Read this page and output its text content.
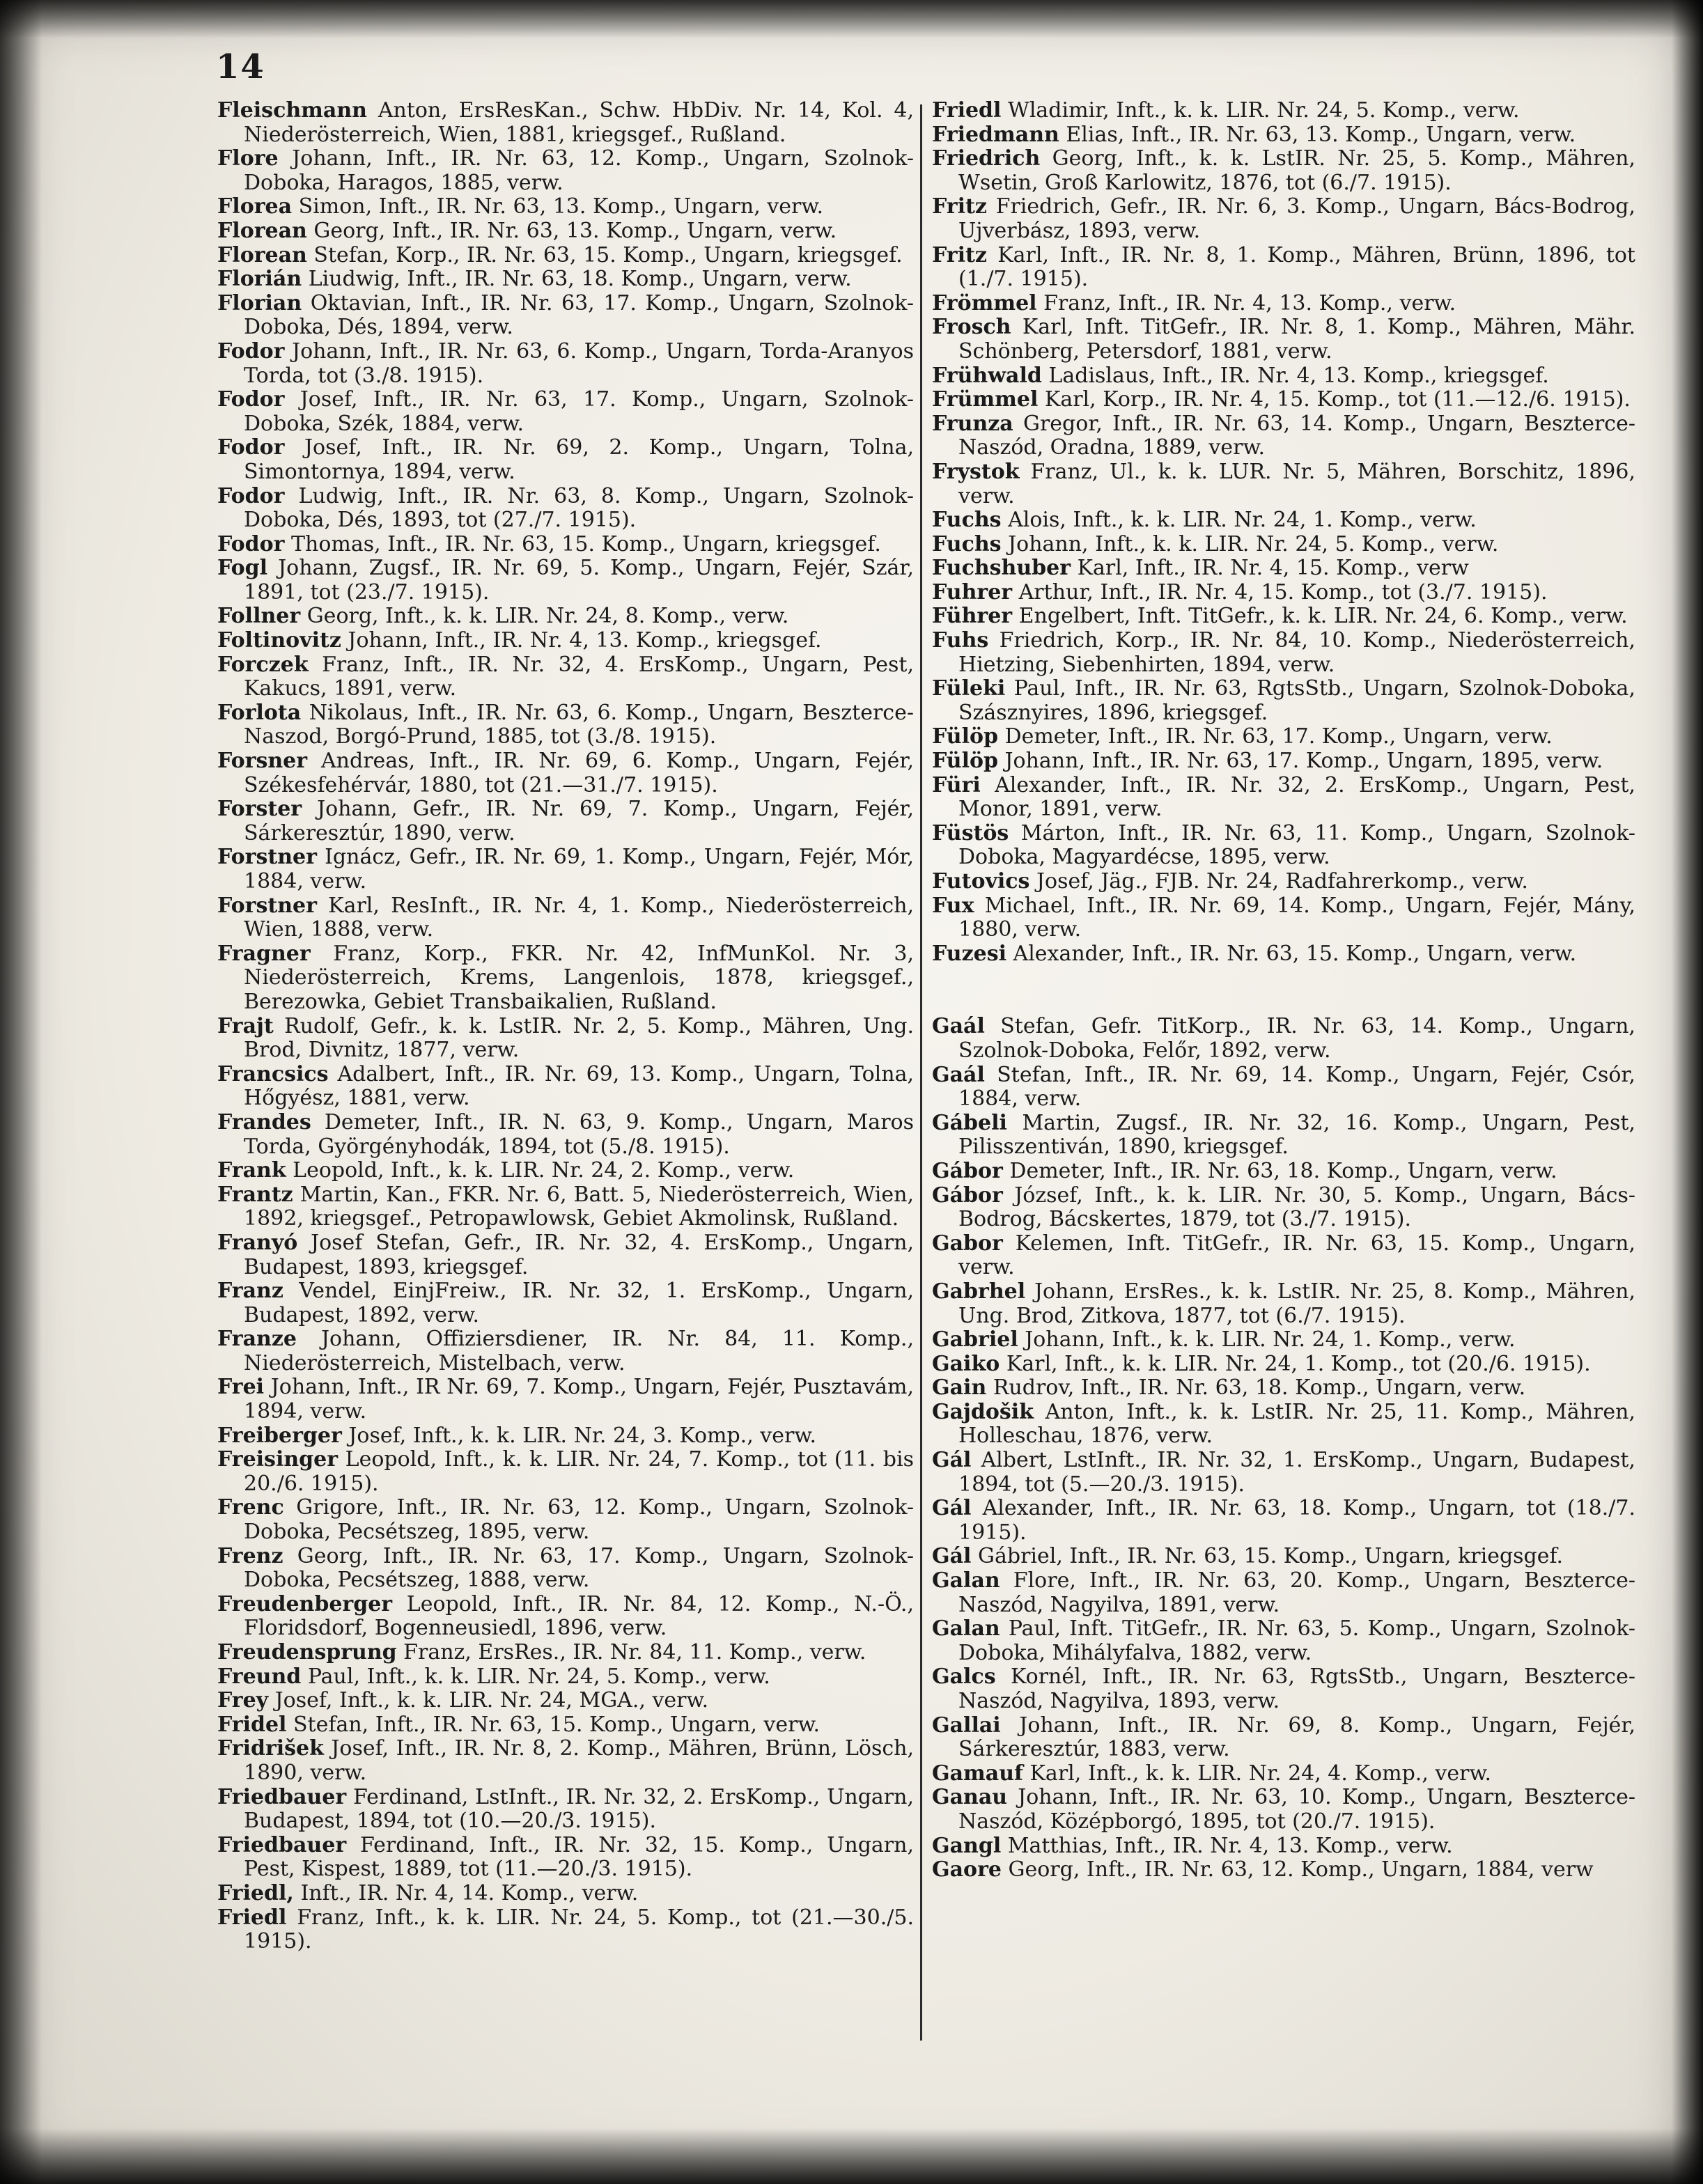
14

Fleischmann Anton, ErsResKan., Schw. HbDiv. Nr. 14, Kol. 4, Niederösterreich, Wien, 1881, kriegsgef., Rußland.

Flore Johann, Inft., IR. Nr. 63, 12. Komp., Ungarn, Szolnok-Doboka, Haragos, 1885, verw.

Florea Simon, Inft., IR. Nr. 63, 13. Komp., Ungarn, verw.

Florean Georg, Inft., IR. Nr. 63, 13. Komp., Ungarn, verw.

Florean Stefan, Korp., IR. Nr. 63, 15. Komp., Ungarn, kriegsgef.

Florián Liudwig, Inft., IR. Nr. 63, 18. Komp., Ungarn, verw.

Florian Oktavian, Inft., IR. Nr. 63, 17. Komp., Ungarn, Szolnok-Doboka, Dés, 1894, verw.

Fodor Johann, Inft., IR. Nr. 63, 6. Komp., Ungarn, Torda-Aranyos Torda, tot (3./8. 1915).

Fodor Josef, Inft., IR. Nr. 63, 17. Komp., Ungarn, Szolnok-Doboka, Szék, 1884, verw.

Fodor Josef, Inft., IR. Nr. 69, 2. Komp., Ungarn, Tolna, Simontornya, 1894, verw.

Fodor Ludwig, Inft., IR. Nr. 63, 8. Komp., Ungarn, Szolnok-Doboka, Dés, 1893, tot (27./7. 1915).

Fodor Thomas, Inft., IR. Nr. 63, 15. Komp., Ungarn, kriegsgef.

Fogl Johann, Zugsf., IR. Nr. 69, 5. Komp., Ungarn, Fejér, Szár, 1891, tot (23./7. 1915).

Follner Georg, Inft., k. k. LIR. Nr. 24, 8. Komp., verw.

Foltinovitz Johann, Inft., IR. Nr. 4, 13. Komp., kriegsgef.

Forczek Franz, Inft., IR. Nr. 32, 4. ErsKomp., Ungarn, Pest, Kakucs, 1891, verw.

Forlota Nikolaus, Inft., IR. Nr. 63, 6. Komp., Ungarn, Beszterce-Naszod, Borgó-Prund, 1885, tot (3./8. 1915).

Forsner Andreas, Inft., IR. Nr. 69, 6. Komp., Ungarn, Fejér, Székesfehérvár, 1880, tot (21.—31./7. 1915).

Forster Johann, Gefr., IR. Nr. 69, 7. Komp., Ungarn, Fejér, Sárkeresztúr, 1890, verw.

Forstner Ignácz, Gefr., IR. Nr. 69, 1. Komp., Ungarn, Fejér, Mór, 1884, verw.

Forstner Karl, ResInft., IR. Nr. 4, 1. Komp., Niederösterreich, Wien, 1888, verw.

Fragner Franz, Korp., FKR. Nr. 42, InfMunKol. Nr. 3, Niederösterreich, Krems, Langenlois, 1878, kriegsgef., Berezowka, Gebiet Transbaikalien, Rußland.

Frajt Rudolf, Gefr., k. k. LstIR. Nr. 2, 5. Komp., Mähren, Ung. Brod, Divnitz, 1877, verw.

Francsics Adalbert, Inft., IR. Nr. 69, 13. Komp., Ungarn, Tolna, Hőgyész, 1881, verw.

Frandes Demeter, Inft., IR. N. 63, 9. Komp., Ungarn, Maros Torda, Györgényhodák, 1894, tot (5./8. 1915).

Frank Leopold, Inft., k. k. LIR. Nr. 24, 2. Komp., verw.

Frantz Martin, Kan., FKR. Nr. 6, Batt. 5, Niederösterreich, Wien, 1892, kriegsgef., Petropawlowsk, Gebiet Akmolinsk, Rußland.

Franyó Josef Stefan, Gefr., IR. Nr. 32, 4. ErsKomp., Ungarn, Budapest, 1893, kriegsgef.

Franz Vendel, EinjFreiw., IR. Nr. 32, 1. ErsKomp., Ungarn, Budapest, 1892, verw.

Franze Johann, Offiziersdiener, IR. Nr. 84, 11. Komp., Niederösterreich, Mistelbach, verw.

Frei Johann, Inft., IR Nr. 69, 7. Komp., Ungarn, Fejér, Pusztavám, 1894, verw.

Freiberger Josef, Inft., k. k. LIR. Nr. 24, 3. Komp., verw.

Freisinger Leopold, Inft., k. k. LIR. Nr. 24, 7. Komp., tot (11. bis 20./6. 1915).

Frenc Grigore, Inft., IR. Nr. 63, 12. Komp., Ungarn, Szolnok-Doboka, Pecsétszeg, 1895, verw.

Frenz Georg, Inft., IR. Nr. 63, 17. Komp., Ungarn, Szolnok-Doboka, Pecsétszeg, 1888, verw.

Freudenberger Leopold, Inft., IR. Nr. 84, 12. Komp., N.-Ö., Floridsdorf, Bogenneusiedl, 1896, verw.

Freudensprung Franz, ErsRes., IR. Nr. 84, 11. Komp., verw.

Freund Paul, Inft., k. k. LIR. Nr. 24, 5. Komp., verw.

Frey Josef, Inft., k. k. LIR. Nr. 24, MGA., verw.

Fridel Stefan, Inft., IR. Nr. 63, 15. Komp., Ungarn, verw.

Fridrišek Josef, Inft., IR. Nr. 8, 2. Komp., Mähren, Brünn, Lösch, 1890, verw.

Friedbauer Ferdinand, LstInft., IR. Nr. 32, 2. ErsKomp., Ungarn, Budapest, 1894, tot (10.—20./3. 1915).

Friedbauer Ferdinand, Inft., IR. Nr. 32, 15. Komp., Ungarn, Pest, Kispest, 1889, tot (11.—20./3. 1915).

Friedl, Inft., IR. Nr. 4, 14. Komp., verw.

Friedl Franz, Inft., k. k. LIR. Nr. 24, 5. Komp., tot (21.—30./5. 1915).

Friedl Wladimir, Inft., k. k. LIR. Nr. 24, 5. Komp., verw.

Friedmann Elias, Inft., IR. Nr. 63, 13. Komp., Ungarn, verw.

Friedrich Georg, Inft., k. k. LstIR. Nr. 25, 5. Komp., Mähren, Wsetin, Groß Karlowitz, 1876, tot (6./7. 1915).

Fritz Friedrich, Gefr., IR. Nr. 6, 3. Komp., Ungarn, Bács-Bodrog, Ujverbász, 1893, verw.

Fritz Karl, Inft., IR. Nr. 8, 1. Komp., Mähren, Brünn, 1896, tot (1./7. 1915).

Frömmel Franz, Inft., IR. Nr. 4, 13. Komp., verw.

Frosch Karl, Inft. TitGefr., IR. Nr. 8, 1. Komp., Mähren, Mähr. Schönberg, Petersdorf, 1881, verw.

Frühwald Ladislaus, Inft., IR. Nr. 4, 13. Komp., kriegsgef.

Frümmel Karl, Korp., IR. Nr. 4, 15. Komp., tot (11.—12./6. 1915).

Frunza Gregor, Inft., IR. Nr. 63, 14. Komp., Ungarn, Beszterce-Naszód, Oradna, 1889, verw.

Frystok Franz, Ul., k. k. LUR. Nr. 5, Mähren, Borschitz, 1896, verw.

Fuchs Alois, Inft., k. k. LIR. Nr. 24, 1. Komp., verw.

Fuchs Johann, Inft., k. k. LIR. Nr. 24, 5. Komp., verw.

Fuchshuber Karl, Inft., IR. Nr. 4, 15. Komp., verw

Fuhrer Arthur, Inft., IR. Nr. 4, 15. Komp., tot (3./7. 1915).

Führer Engelbert, Inft. TitGefr., k. k. LIR. Nr. 24, 6. Komp., verw.

Fuhs Friedrich, Korp., IR. Nr. 84, 10. Komp., Niederösterreich, Hietzing, Siebenhirten, 1894, verw.

Füleki Paul, Inft., IR. Nr. 63, RgtsStb., Ungarn, Szolnok-Doboka, Szásznyires, 1896, kriegsgef.

Fülöp Demeter, Inft., IR. Nr. 63, 17. Komp., Ungarn, verw.

Fülöp Johann, Inft., IR. Nr. 63, 17. Komp., Ungarn, 1895, verw.

Füri Alexander, Inft., IR. Nr. 32, 2. ErsKomp., Ungarn, Pest, Monor, 1891, verw.

Füstös Márton, Inft., IR. Nr. 63, 11. Komp., Ungarn, Szolnok-Doboka, Magyardécse, 1895, verw.

Futovics Josef, Jäg., FJB. Nr. 24, Radfahrerkomp., verw.

Fux Michael, Inft., IR. Nr. 69, 14. Komp., Ungarn, Fejér, Mány, 1880, verw.

Fuzesi Alexander, Inft., IR. Nr. 63, 15. Komp., Ungarn, verw.

Gaál Stefan, Gefr. TitKorp., IR. Nr. 63, 14. Komp., Ungarn, Szolnok-Doboka, Felőr, 1892, verw.

Gaál Stefan, Inft., IR. Nr. 69, 14. Komp., Ungarn, Fejér, Csór, 1884, verw.

Gábeli Martin, Zugsf., IR. Nr. 32, 16. Komp., Ungarn, Pest, Pilisszentiván, 1890, kriegsgef.

Gábor Demeter, Inft., IR. Nr. 63, 18. Komp., Ungarn, verw.

Gábor József, Inft., k. k. LIR. Nr. 30, 5. Komp., Ungarn, Bács-Bodrog, Bácskertes, 1879, tot (3./7. 1915).

Gabor Kelemen, Inft. TitGefr., IR. Nr. 63, 15. Komp., Ungarn, verw.

Gabrhel Johann, ErsRes., k. k. LstIR. Nr. 25, 8. Komp., Mähren, Ung. Brod, Zitkova, 1877, tot (6./7. 1915).

Gabriel Johann, Inft., k. k. LIR. Nr. 24, 1. Komp., verw.

Gaiko Karl, Inft., k. k. LIR. Nr. 24, 1. Komp., tot (20./6. 1915).

Gain Rudrov, Inft., IR. Nr. 63, 18. Komp., Ungarn, verw.

Gajdošik Anton, Inft., k. k. LstIR. Nr. 25, 11. Komp., Mähren, Holleschau, 1876, verw.

Gál Albert, LstInft., IR. Nr. 32, 1. ErsKomp., Ungarn, Budapest, 1894, tot (5.—20./3. 1915).

Gál Alexander, Inft., IR. Nr. 63, 18. Komp., Ungarn, tot (18./7. 1915).

Gál Gábriel, Inft., IR. Nr. 63, 15. Komp., Ungarn, kriegsgef.

Galan Flore, Inft., IR. Nr. 63, 20. Komp., Ungarn, Beszterce-Naszód, Nagyilva, 1891, verw.

Galan Paul, Inft. TitGefr., IR. Nr. 63, 5. Komp., Ungarn, Szolnok-Doboka, Mihályfalva, 1882, verw.

Galcs Kornél, Inft., IR. Nr. 63, RgtsStb., Ungarn, Beszterce-Naszód, Nagyilva, 1893, verw.

Gallai Johann, Inft., IR. Nr. 69, 8. Komp., Ungarn, Fejér, Sárkeresztúr, 1883, verw.

Gamauf Karl, Inft., k. k. LIR. Nr. 24, 4. Komp., verw.

Ganau Johann, Inft., IR. Nr. 63, 10. Komp., Ungarn, Beszterce-Naszód, Középborgó, 1895, tot (20./7. 1915).

Gangl Matthias, Inft., IR. Nr. 4, 13. Komp., verw.

Gaore Georg, Inft., IR. Nr. 63, 12. Komp., Ungarn, 1884, verw
